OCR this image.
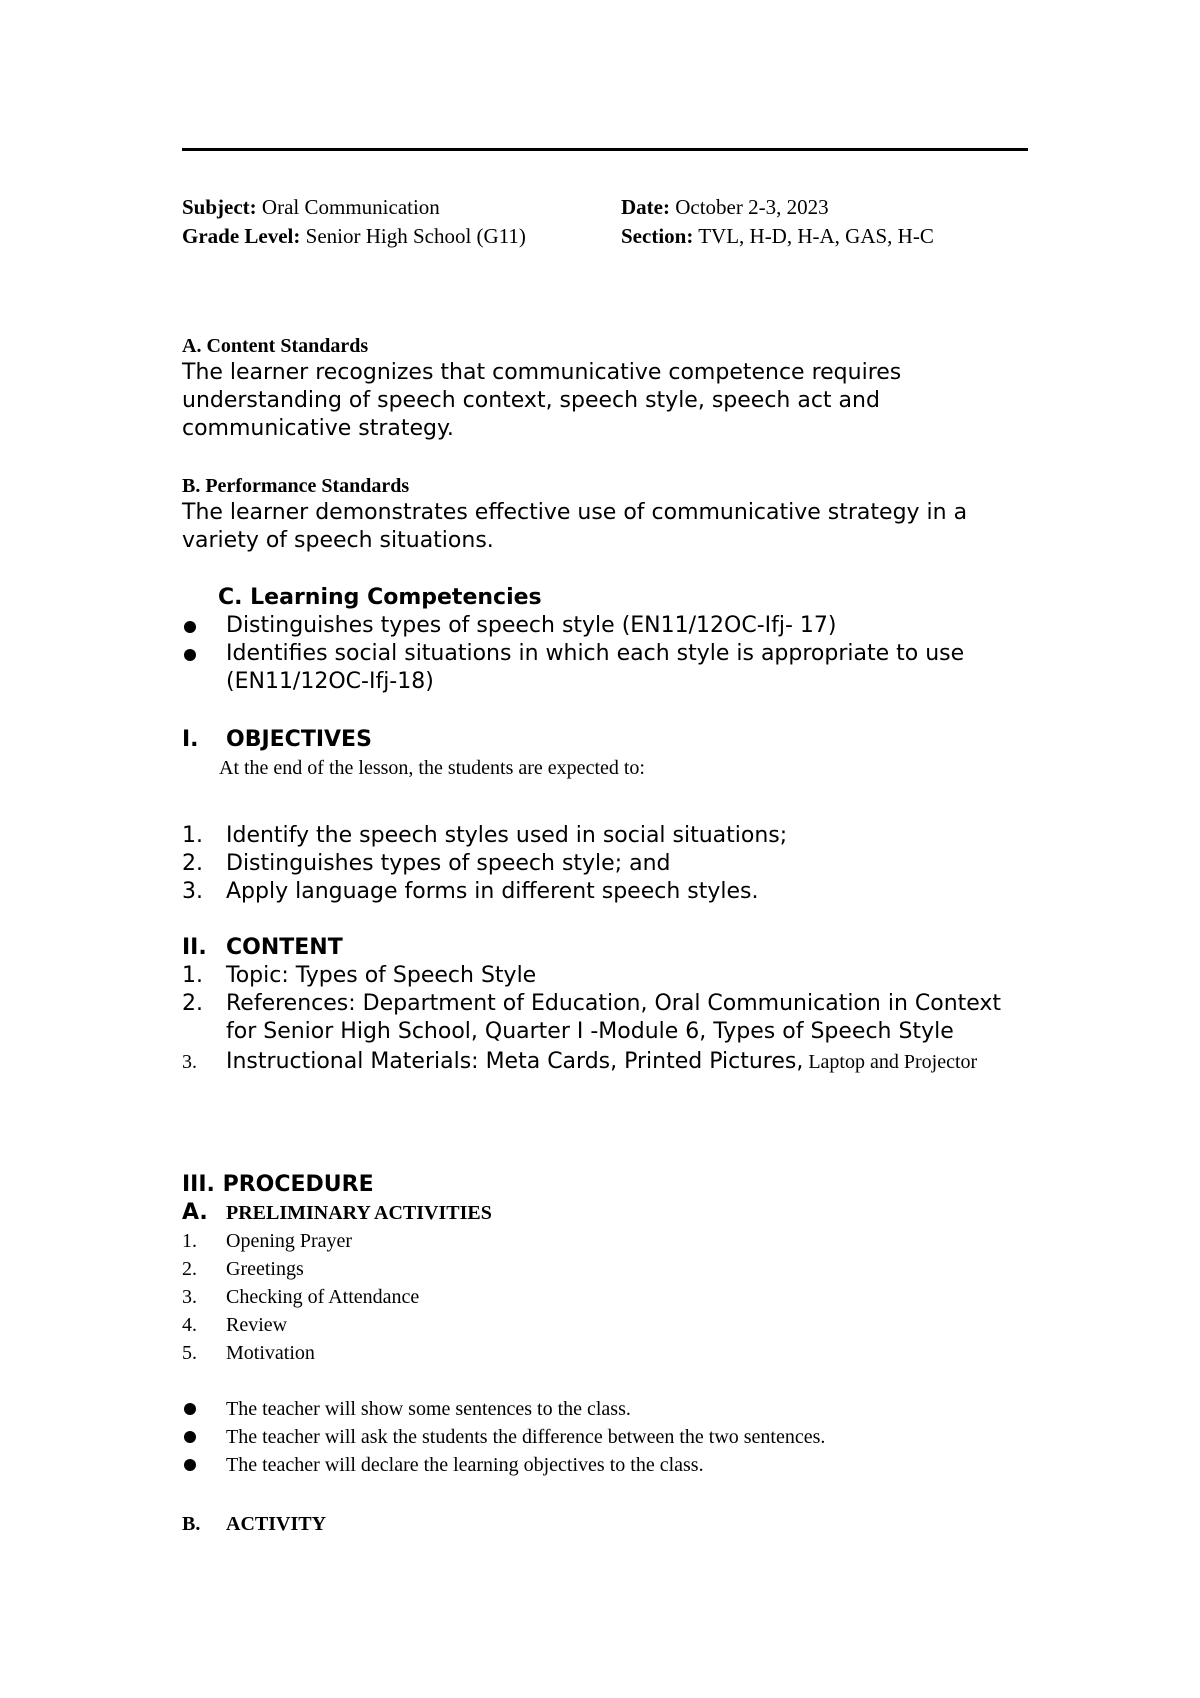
Subject: Oral Communication
Grade Level: Senior High School (G11)
Date: October 2-3, 2023
Section: TVL, H-D, H-A, GAS, H-C
A. Content Standards
The learner recognizes that communicative competence requires understanding of speech context, speech style, speech act and communicative strategy.
B. Performance Standards
The learner demonstrates effective use of communicative strategy in a variety of speech situations.
C. Learning Competencies
Distinguishes types of speech style (EN11/12OC-Ifj- 17)
Identifies social situations in which each style is appropriate to use (EN11/12OC-Ifj-18)
I.	OBJECTIVES
At the end of the lesson, the students are expected to:
1.	Identify the speech styles used in social situations;
2.	Distinguishes types of speech style; and
3.	Apply language forms in different speech styles.
II. CONTENT
1.	Topic: Types of Speech Style
2.	References: Department of Education, Oral Communication in Context for Senior High School, Quarter I -Module 6, Types of Speech Style
3.	Instructional Materials: Meta Cards, Printed Pictures, Laptop and Projector
III. PROCEDURE
A. PRELIMINARY ACTIVITIES
1.	Opening Prayer
2.	Greetings
3.	Checking of Attendance
4.	Review
5.	Motivation
The teacher will show some sentences to the class.
The teacher will ask the students the difference between the two sentences.
The teacher will declare the learning objectives to the class.
B.	ACTIVITY
